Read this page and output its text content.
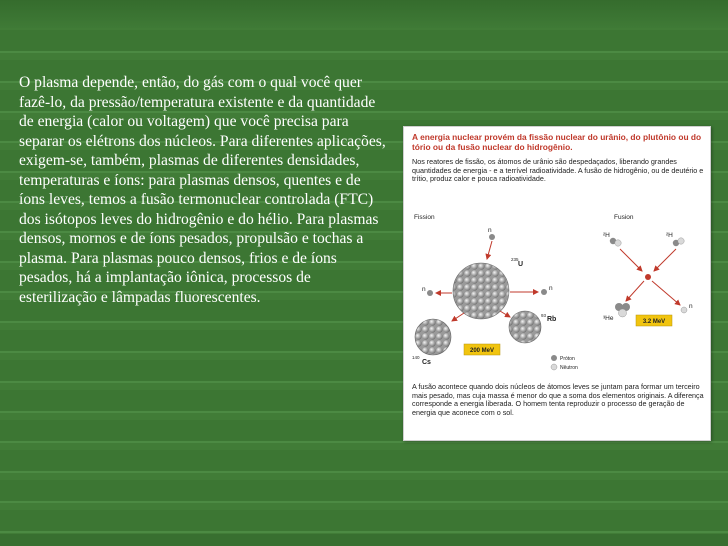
O plasma depende, então, do gás com o qual você quer fazê-lo, da pressão/temperatura existente e da quantidade de energia (calor ou voltagem) que você precisa para separar os elétrons dos núcleos. Para diferentes aplicações, exigem-se, também, plasmas de diferentes densidades, temperaturas e íons: para plasmas densos, quentes e de íons leves, temos a fusão termonuclear controlada (FTC) dos isótopos leves do hidrogênio e do hélio. Para plasmas densos, mornos e de íons pesados, propulsão e tochas a plasma. Para plasmas pouco densos, frios e de íons pesados, há a implantação iônica, processos de esterilização e lâmpadas fluorescentes.

A energia nuclear provém da fissão nuclear do urânio, do plutônio ou do tório ou da fusão nuclear do hidrogênio.
Nos reatores de fissão, os átomos de urânio são despedaçados, liberando grandes quantidades de energia - e a terrível radioatividade. A fusão de hidrogênio, ou de deutério e trítio, produz calor e pouca radioatividade.
Fission	Fusion
n
235
U
n	n
93
Rb
140
Cs
200 MeV
Próton
Nêutron
²H	²H
³He
n
3.2 MeV
A fusão acontece quando dois núcleos de átomos leves se juntam para formar um terceiro mais pesado, mas cuja massa é menor do que a soma dos elementos originais. A diferença corresponde a energia liberada. O homem tenta reproduzir o processo de geração de energia que aconece com o sol.
